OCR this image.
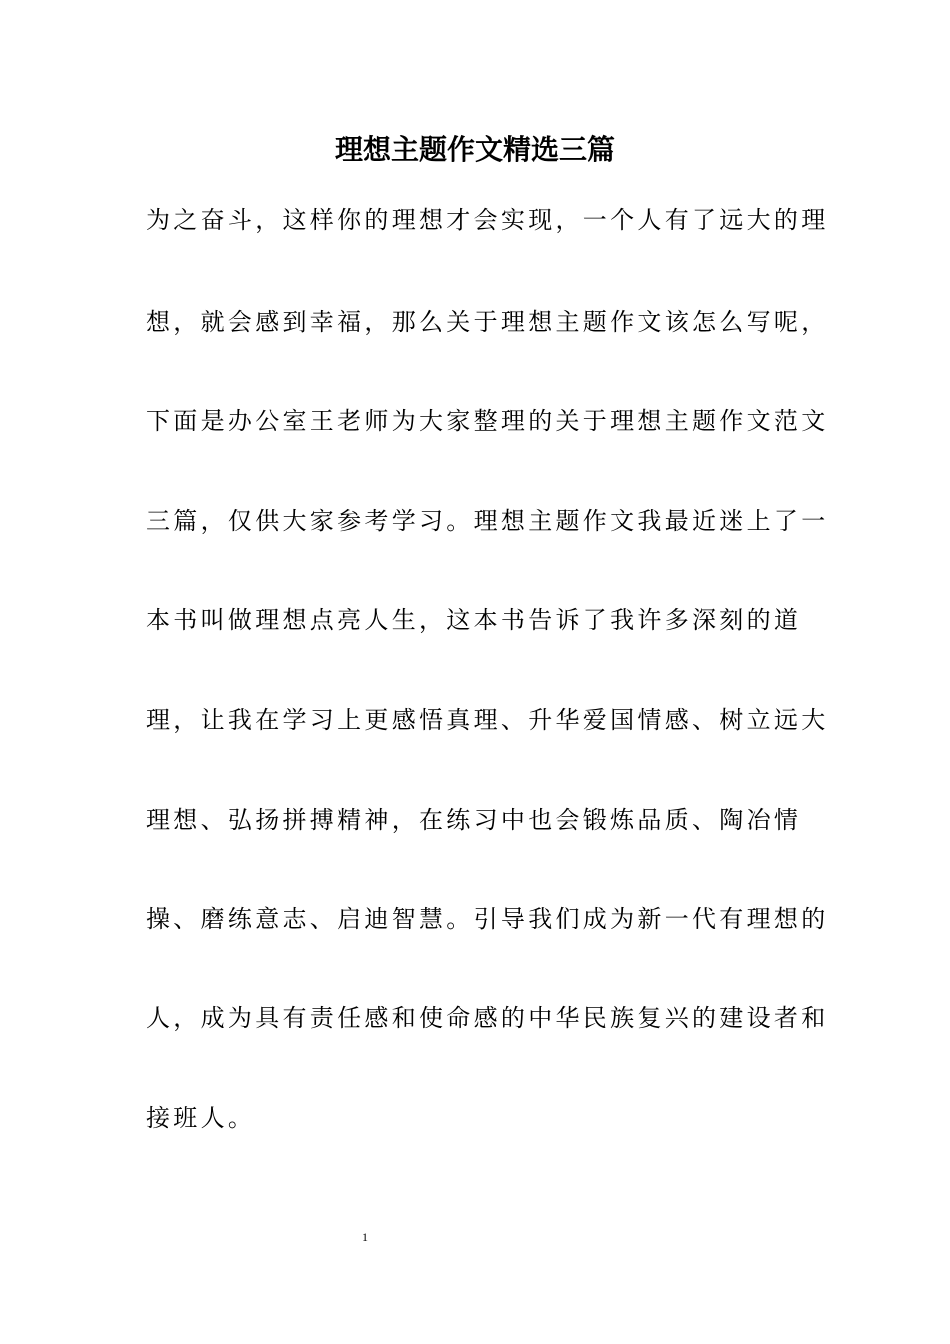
理想主题作文精选三篇

为之奋斗，这样你的理想才会实现，一个人有了远大的理

想，就会感到幸福，那么关于理想主题作文该怎么写呢，

下面是办公室王老师为大家整理的关于理想主题作文范文

三篇，仅供大家参考学习。理想主题作文我最近迷上了一

本书叫做理想点亮人生，这本书告诉了我许多深刻的道

理，让我在学习上更感悟真理、升华爱国情感、树立远大

理想、弘扬拼搏精神，在练习中也会锻炼品质、陶冶情

操、磨练意志、启迪智慧。引导我们成为新一代有理想的

人，成为具有责任感和使命感的中华民族复兴的建设者和

接班人。

1
